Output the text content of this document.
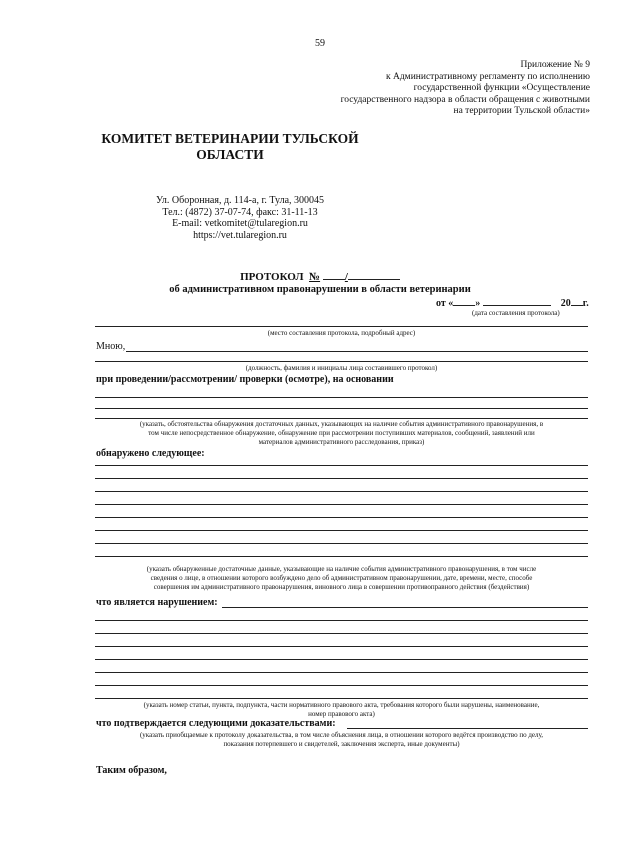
59
Приложение № 9
к Административному регламенту по исполнению
государственной функции «Осуществление
государственного надзора в области обращения с животными
на территории Тульской области»
КОМИТЕТ ВЕТЕРИНАРИИ ТУЛЬСКОЙ
ОБЛАСТИ
Ул. Оборонная, д. 114-а, г. Тула, 300045
Тел.: (4872) 37-07-74, факс: 31-11-13
E-mail: vetkomitet@tularegion.ru
https://vet.tularegion.ru
ПРОТОКОЛ № /
об административном правонарушении в области ветеринарии
от « »	20 г.
(дата составления протокола)
(место составления протокола, подробный адрес)
Мною,
(должность, фамилия и инициалы лица составившего протокол)
при проведении/рассмотрении/ проверки (осмотре), на основании
(указать, обстоятельства обнаружения достаточных данных, указывающих на наличие события административного правонарушения, в
том числе непосредственное обнаружение, обнаружение при рассмотрении поступивших материалов, сообщений, заявлений или
материалов административного расследования, приказ)
обнаружено следующее:
(указать обнаруженные достаточные данные, указывающие на наличие события административного правонарушения, в том числе
сведения о лице, в отношении которого возбуждено дело об административном правонарушении, дате, времени, месте, способе
совершения им административного правонарушения, виновного лица в совершении противоправного действия (бездействия)
что является нарушением:
(указать номер статьи, пункта, подпункта, части нормативного правового акта, требования которого были нарушены, наименование,
номер правового акта)
что подтверждается следующими доказательствами:
(указать приобщаемые к протоколу доказательства, в том числе объяснения лица, в отношении которого ведётся производство по делу,
показания потерпевшего и свидетелей, заключения эксперта, иные документы)
Таким образом,
